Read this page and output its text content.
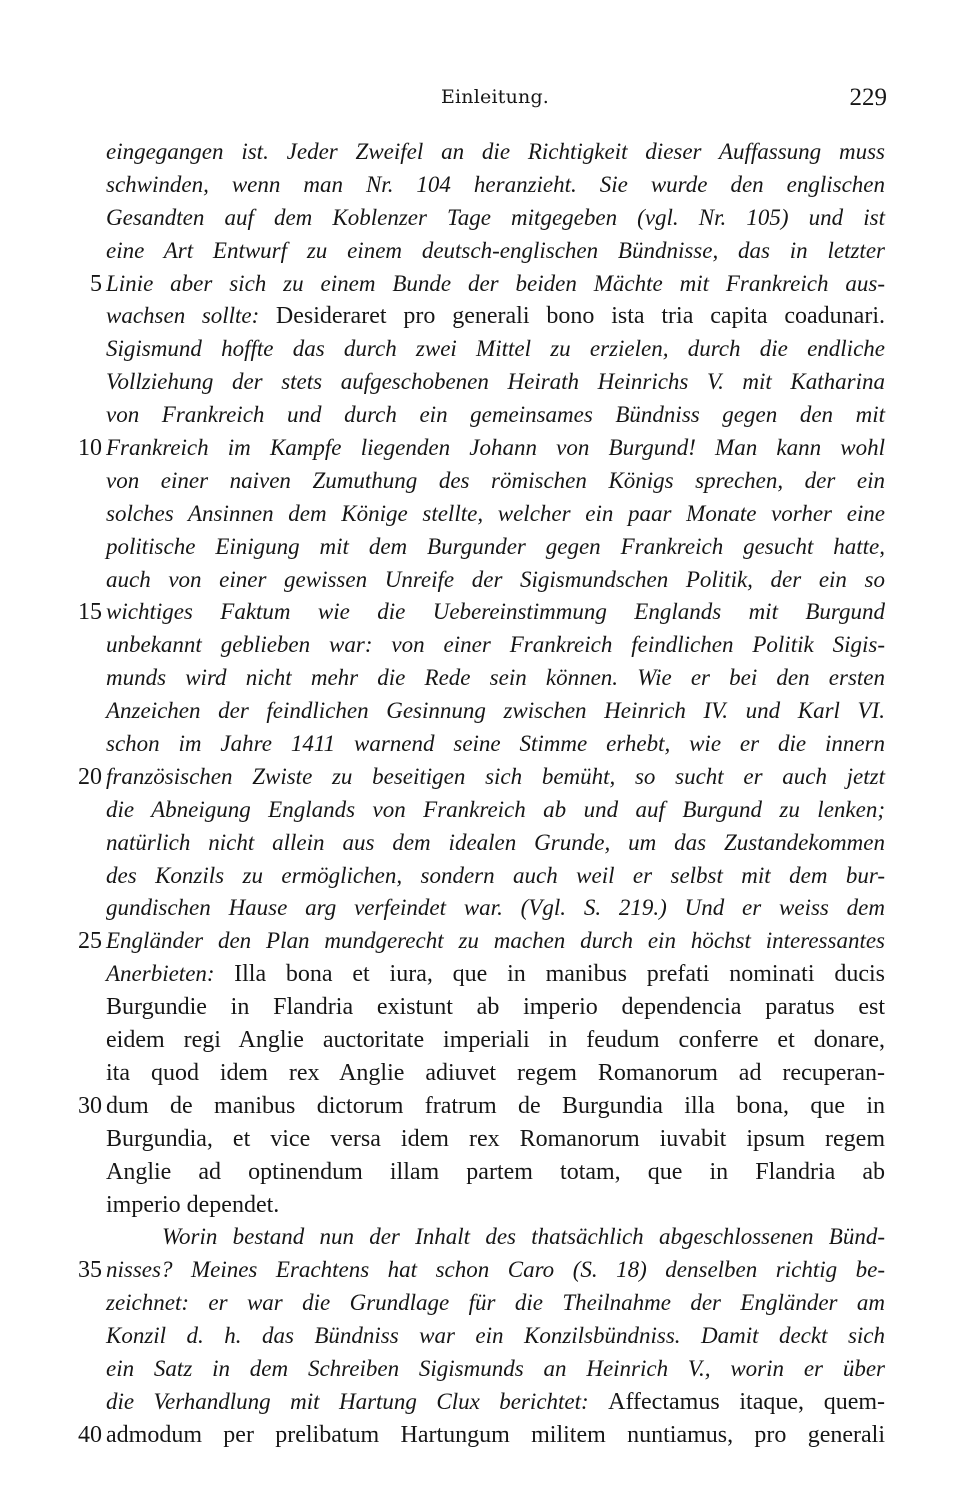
Einleitung.	229
eingegangen ist. Jeder Zweifel an die Richtigkeit dieser Auffassung muss
schwinden, wenn man Nr. 104 heranzieht. Sie wurde den englischen
Gesandten auf dem Koblenzer Tage mitgegeben (vgl. Nr. 105) und ist
eine Art Entwurf zu einem deutsch-englischen Bündnisse, das in letzter
5 Linie aber sich zu einem Bunde der beiden Mächte mit Frankreich aus-
wachsen sollte: Desideraret pro generali bono ista tria capita coadunari.
Sigismund hoffte das durch zwei Mittel zu erzielen, durch die endliche
Vollziehung der stets aufgeschobenen Heirath Heinrichs V. mit Katharina
von Frankreich und durch ein gemeinsames Bündniss gegen den mit
10 Frankreich im Kampfe liegenden Johann von Burgund! Man kann wohl
von einer naiven Zumuthung des römischen Königs sprechen, der ein
solches Ansinnen dem Könige stellte, welcher ein paar Monate vorher eine
politische Einigung mit dem Burgunder gegen Frankreich gesucht hatte,
auch von einer gewissen Unreife der Sigismundschen Politik, der ein so
15 wichtiges Faktum wie die Uebereinstimmung Englands mit Burgund
unbekannt geblieben war: von einer Frankreich feindlichen Politik Sigis-
munds wird nicht mehr die Rede sein können. Wie er bei den ersten
Anzeichen der feindlichen Gesinnung zwischen Heinrich IV. und Karl VI.
schon im Jahre 1411 warnend seine Stimme erhebt, wie er die innern
20 französischen Zwiste zu beseitigen sich bemüht, so sucht er auch jetzt
die Abneigung Englands von Frankreich ab und auf Burgund zu lenken;
natürlich nicht allein aus dem idealen Grunde, um das Zustandekommen
des Konzils zu ermöglichen, sondern auch weil er selbst mit dem bur-
gundischen Hause arg verfeindet war. (Vgl. S. 219.) Und er weiss dem
25 Engländer den Plan mundgerecht zu machen durch ein höchst interessantes
Anerbieten: Illa bona et iura, que in manibus prefati nominati ducis
Burgundie in Flandria existunt ab imperio dependencia paratus est
eidem regi Anglie auctoritate imperiali in feudum conferre et donare,
ita quod idem rex Anglie adiuvet regem Romanorum ad recuperan-
30 dum de manibus dictorum fratrum de Burgundia illa bona, que in
Burgundia, et vice versa idem rex Romanorum iuvabit ipsum regem
Anglie ad optinendum illam partem totam, que in Flandria ab
imperio dependet.
Worin bestand nun der Inhalt des thatsächlich abgeschlossenen Bünd-
35 nisses? Meines Erachtens hat schon Caro (S. 18) denselben richtig be-
zeichnet: er war die Grundlage für die Theilnahme der Engländer am
Konzil d. h. das Bündniss war ein Konzilsbündniss. Damit deckt sich
ein Satz in dem Schreiben Sigismunds an Heinrich V., worin er über
die Verhandlung mit Hartung Clux berichtet: Affectamus itaque, quem-
40 admodum per prelibatum Hartungum militem nuntiamus, pro generali
